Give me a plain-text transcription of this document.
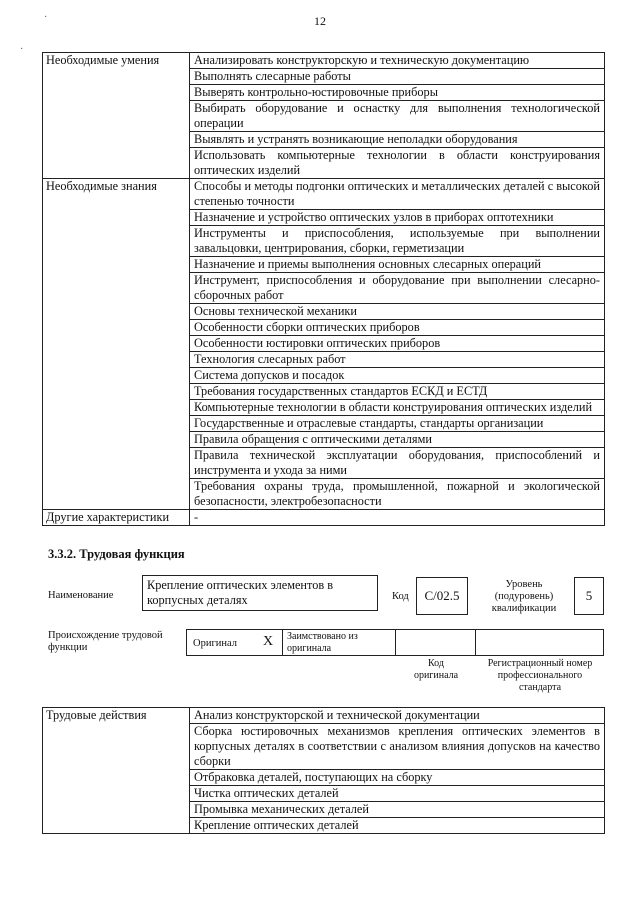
12
·
·
Необходимые умения	Анализировать конструкторскую и техническую документацию
	Выполнять слесарные работы
	Выверять контрольно-юстировочные приборы
	Выбирать оборудование и оснастку для выполнения технологической операции
	Выявлять и устранять возникающие неполадки оборудования
	Использовать компьютерные технологии в области конструирования оптических изделий
Необходимые знания	Способы и методы подгонки оптических и металлических деталей с высокой степенью точности
	Назначение и устройство оптических узлов в приборах оптотехники
	Инструменты и приспособления, используемые при выполнении завальцовки, центрирования, сборки, герметизации
	Назначение и приемы выполнения основных слесарных операций
	Инструмент, приспособления и оборудование при выполнении слесарно-сборочных работ
	Основы технической механики
	Особенности сборки оптических приборов
	Особенности юстировки оптических приборов
	Технология слесарных работ
	Система допусков и посадок
	Требования государственных стандартов ЕСКД и ЕСТД
	Компьютерные технологии в области конструирования оптических изделий
	Государственные и отраслевые стандарты, стандарты организации
	Правила обращения с оптическими деталями
	Правила технической эксплуатации оборудования, приспособлений и инструмента и ухода за ними
	Требования охраны труда, промышленной, пожарной и экологической безопасности, электробезопасности
Другие характеристики	-
3.3.2. Трудовая функция
Наименование
Крепление оптических элементов в корпусных деталях	Код	C/02.5
Уровень (подуровень) квалификации
5
Происхождение трудовой функции	Оригинал X Заимствовано из оригинала
Код оригинала
Регистрационный номер профессионального стандарта
Трудовые действия	Анализ конструкторской и технической документации
Сборка юстировочных механизмов крепления оптических элементов в корпусных деталях в соответствии с анализом влияния допусков на качество сборки
Отбраковка деталей, поступающих на сборку
Чистка оптических деталей
Промывка механических деталей
Крепление оптических деталей
